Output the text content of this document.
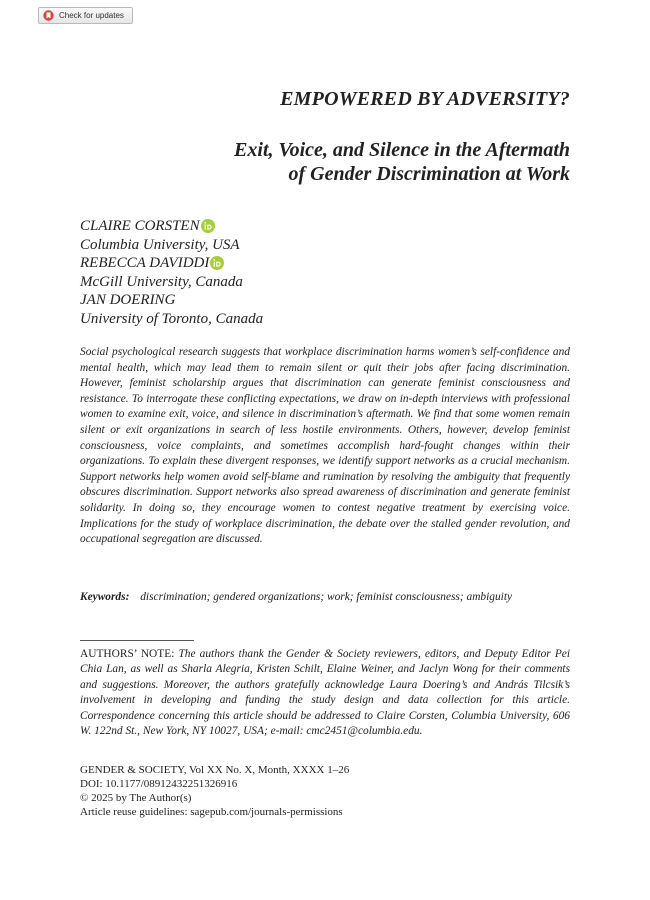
Check for updates
EMPOWERED BY ADVERSITY?
Exit, Voice, and Silence in the Aftermath
of Gender Discrimination at Work
CLAIRE CORSTEN
Columbia University, USA
REBECCA DAVIDDI
McGill University, Canada
JAN DOERING
University of Toronto, Canada

Social psychological research suggests that workplace discrimination harms women’s self-confidence and mental health, which may lead them to remain silent or quit their jobs after facing discrimination. However, feminist scholarship argues that discrimination can generate feminist consciousness and resistance. To interrogate these conflicting expectations, we draw on in-depth interviews with professional women to examine exit, voice, and silence in discrimination’s aftermath. We find that some women remain silent or exit organizations in search of less hostile environments. Others, however, develop feminist consciousness, voice complaints, and sometimes accomplish hard-fought changes within their organizations. To explain these divergent responses, we identify support networks as a crucial mechanism. Support networks help women avoid self-blame and rumination by resolving the ambiguity that frequently obscures discrimination. Support networks also spread awareness of discrimination and generate feminist solidarity. In doing so, they encourage women to contest negative treatment by exercising voice. Implications for the study of workplace discrimination, the debate over the stalled gender revolution, and occupational segregation are discussed.

Keywords: discrimination; gendered organizations; work; feminist consciousness; ambiguity

AUTHORS’ NOTE: The authors thank the Gender & Society reviewers, editors, and Deputy Editor Pei Chia Lan, as well as Sharla Alegria, Kristen Schilt, Elaine Weiner, and Jaclyn Wong for their comments and suggestions. Moreover, the authors gratefully acknowledge Laura Doering’s and András Tilcsik’s involvement in developing and funding the study design and data collection for this article. Correspondence concerning this article should be addressed to Claire Corsten, Columbia University, 606 W. 122nd St., New York, NY 10027, USA; e-mail: cmc2451@columbia.edu.

GENDER & SOCIETY, Vol XX No. X, Month, XXXX 1–26
DOI: 10.1177/08912432251326916
© 2025 by The Author(s)
Article reuse guidelines: sagepub.com/journals-permissions
